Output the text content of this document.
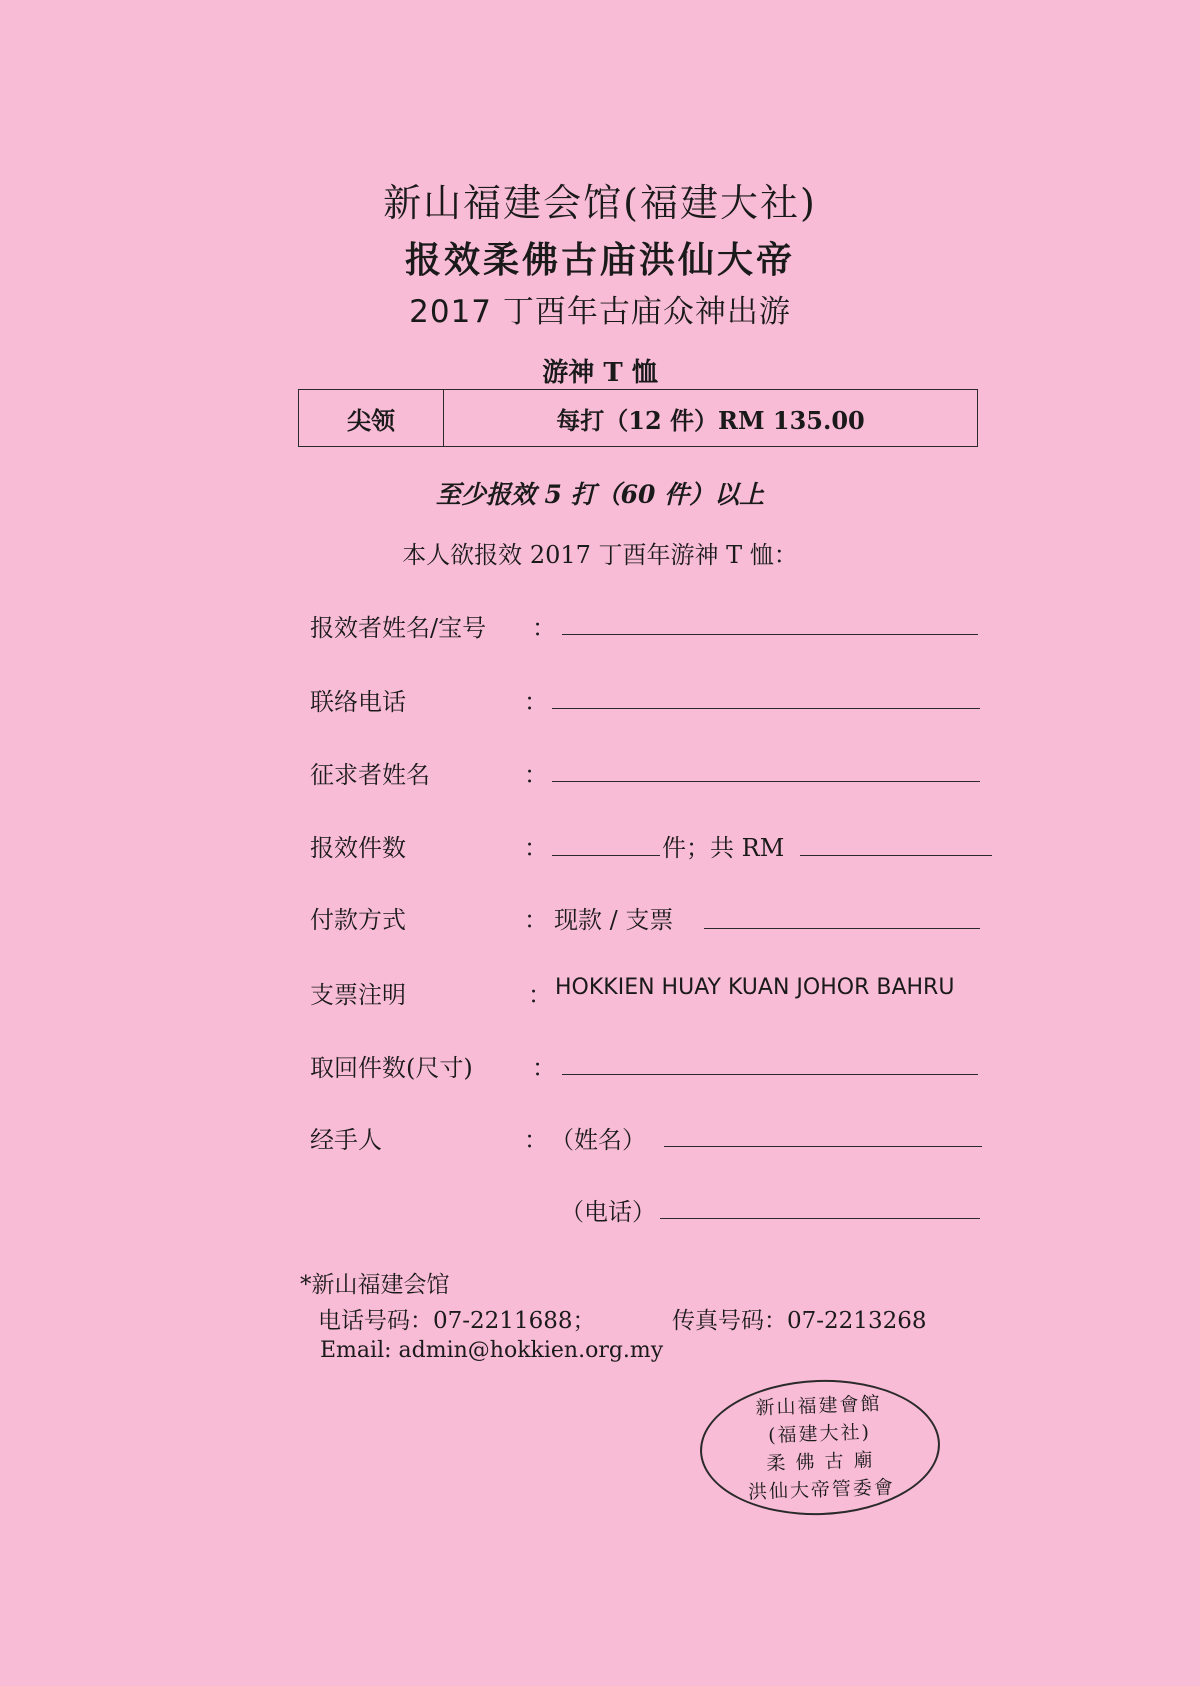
新山福建会馆(福建大社)
报效柔佛古庙洪仙大帝
2017 丁酉年古庙众神出游
游神 T 恤
尖领	每打（12 件）RM 135.00
至少报效 5 打（60 件）以上
本人欲报效 2017 丁酉年游神 T 恤：
报效者姓名/宝号 ：
联络电话	：
征求者姓名	：
报效件数	：	件；共 RM
付款方式	： 现款 / 支票
支票注明	： HOKKIEN HUAY KUAN JOHOR BAHRU
取回件数(尺寸) ：
经手人	： （姓名）
（电话）
*新山福建会馆
电话号码：07-2211688；	传真号码：07-2213268
Email: admin@hokkien.org.my
新山福建會館
(福建大社)
柔 佛 古 廟
洪仙大帝管委會
